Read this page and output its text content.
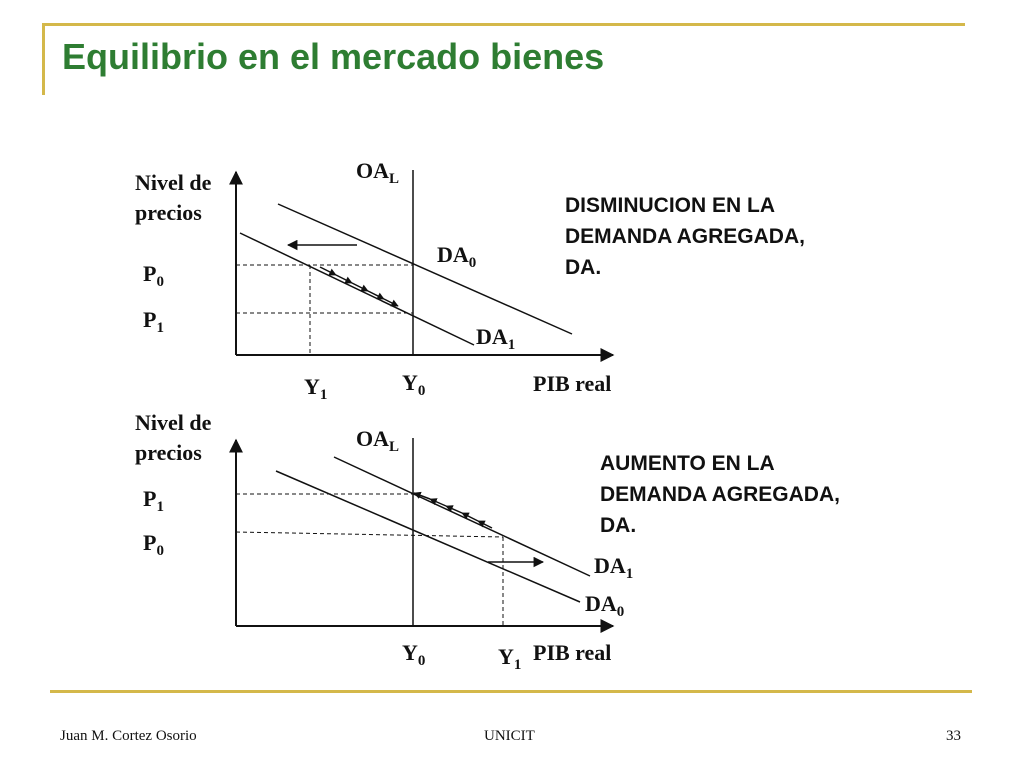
Equilibrio en el mercado bienes
Nivel de
precios
$OA_L$
$DA_0$
$DA_1$
$P_0$
$P_1$
$Y_1$	$Y_0$	PIB real
DISMINUCION EN LA
DEMANDA AGREGADA,
DA.
Nivel de
precios
$OA_L$
$DA_1$
$DA_0$
$P_1$
$P_0$
$Y_0$	$Y_1$ PIB real
AUMENTO EN LA
DEMANDA AGREGADA,
DA.
Juan M. Cortez Osorio	UNICIT	33
